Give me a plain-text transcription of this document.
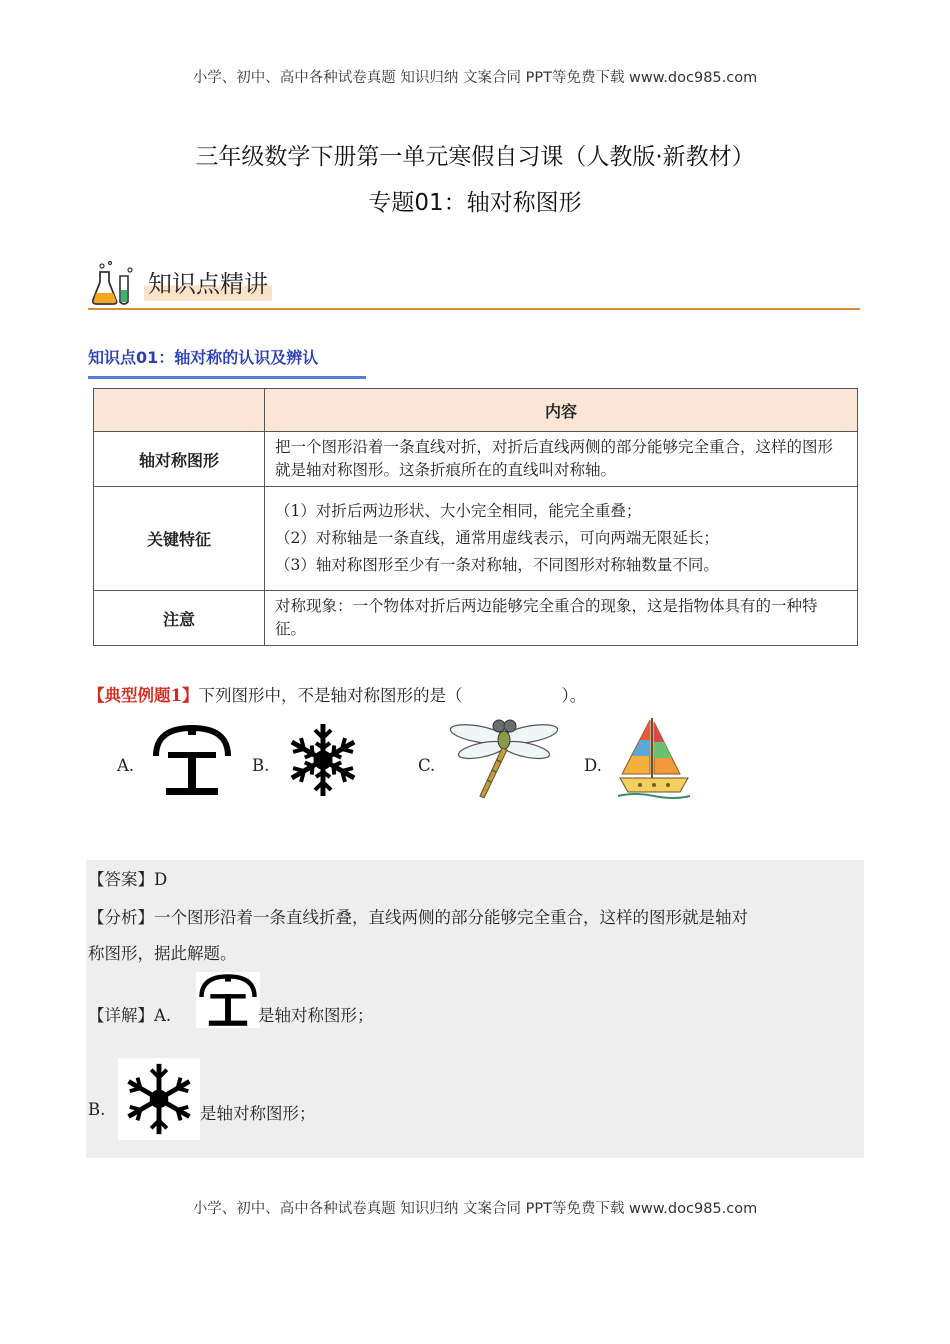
小学、初中、高中各种试卷真题 知识归纳 文案合同 PPT等免费下载 www.doc985.com
三年级数学下册第一单元寒假自习课（人教版·新教材）
专题01：轴对称图形
知识点精讲
知识点01：轴对称的认识及辨认
	内容
轴对称图形	把一个图形沿着一条直线对折，对折后直线两侧的部分能够完全重合，这样的图形就是轴对称图形。这条折痕所在的直线叫对称轴。

关键特征	（1）对折后两边形状、大小完全相同，能完全重叠；

（2）对称轴是一条直线，通常用虚线表示，可向两端无限延长；

（3）轴对称图形至少有一条对称轴，不同图形对称轴数量不同。

注意	对称现象：一个物体对折后两边能够完全重合的现象，这是指物体具有的一种特征。
【典型例题1】下列图形中，不是轴对称图形的是（　　　　　　）。
A.	B.	C.	D.
【答案】D
【分析】一个图形沿着一条直线折叠，直线两侧的部分能够完全重合，这样的图形就是轴对
称图形，据此解题。
【详解】A.	是轴对称图形；
B.	是轴对称图形；
小学、初中、高中各种试卷真题 知识归纳 文案合同 PPT等免费下载 www.doc985.com
